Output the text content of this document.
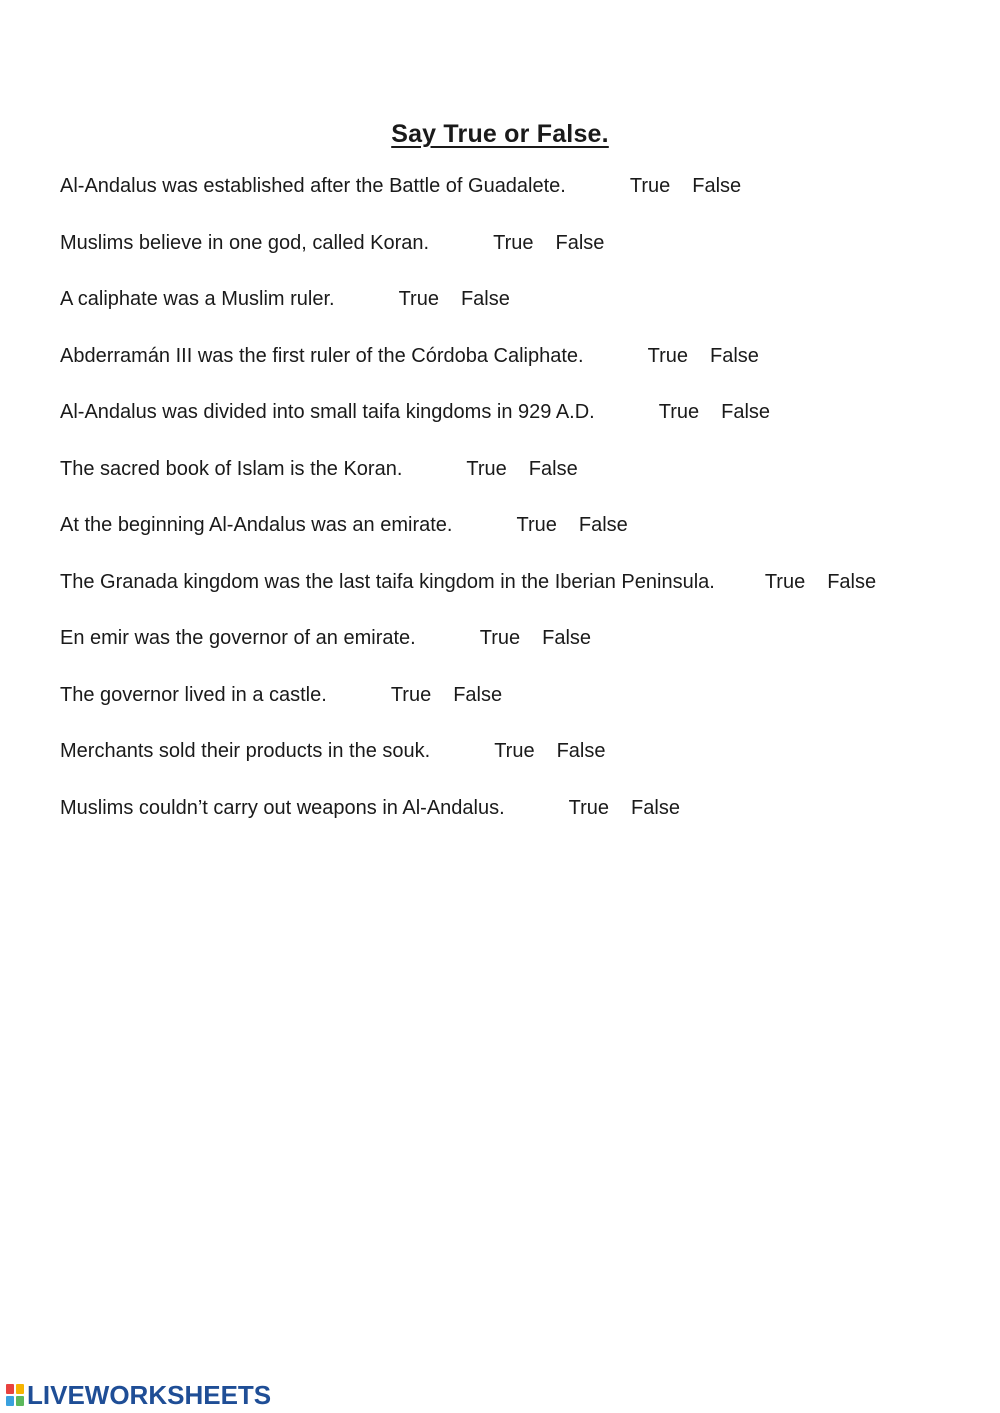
Say True or False.
Al-Andalus was established after the Battle of Guadalete.	True False
Muslims believe in one god, called Koran.	True False
A caliphate was a Muslim ruler.	True False
Abderramán III was the first ruler of the Córdoba Caliphate.	True False
Al-Andalus was divided into small taifa kingdoms in 929 A.D.	True False
The sacred book of Islam is the Koran.	True False
At the beginning Al-Andalus was an emirate.	True False
The Granada kingdom was the last taifa kingdom in the Iberian Peninsula.	True False
En emir was the governor of an emirate.	True False
The governor lived in a castle.	True False
Merchants sold their products in the souk.	True False
Muslims couldn’t carry out weapons in Al-Andalus.	True False
LIVEWORKSHEETS
